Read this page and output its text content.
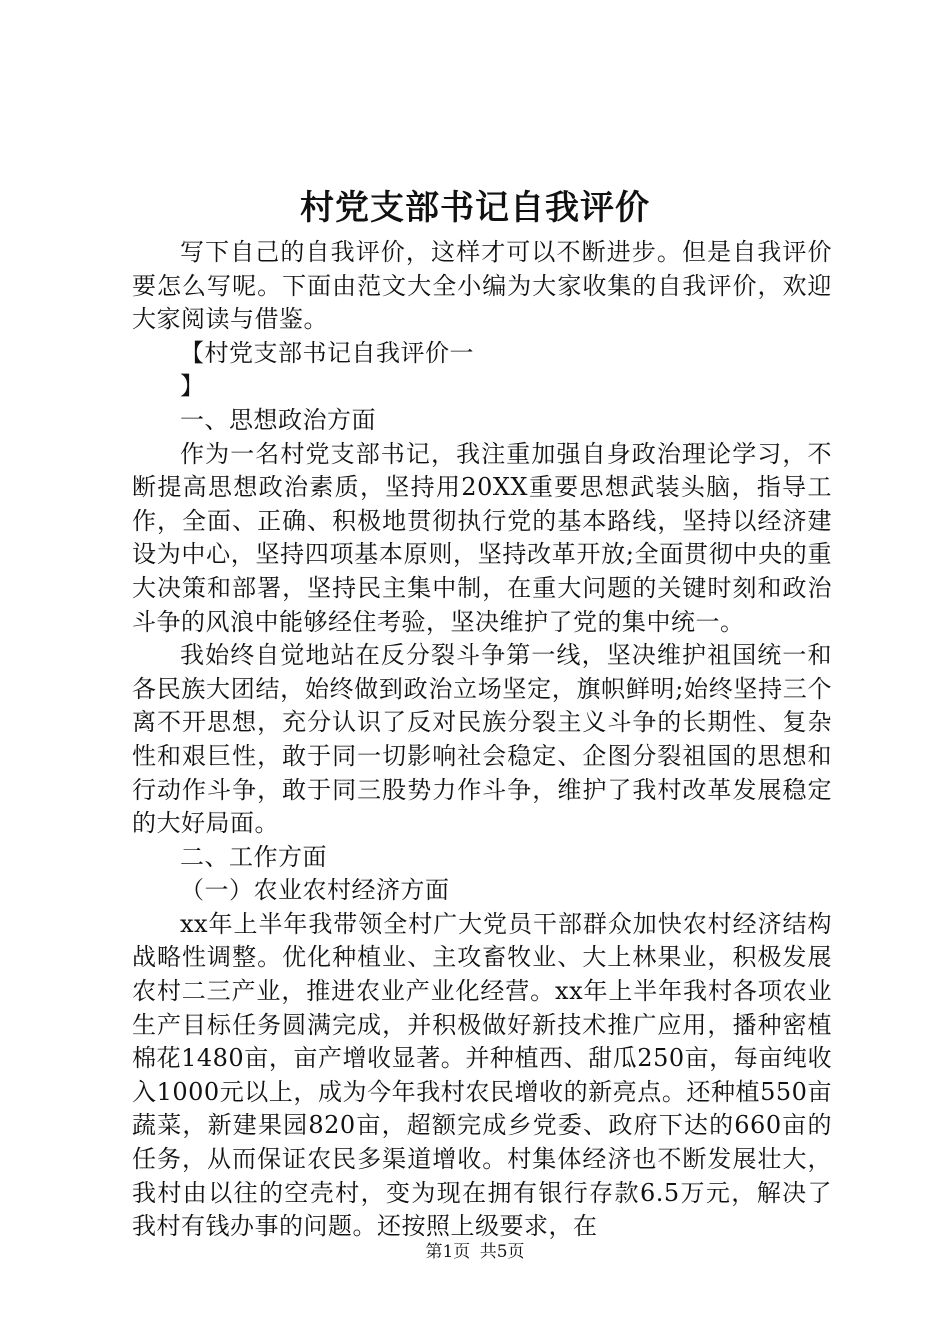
村党支部书记自我评价

写下自己的自我评价，这样才可以不断进步。但是自我评价要怎么写呢。下面由范文大全小编为大家收集的自我评价，欢迎大家阅读与借鉴。

【村党支部书记自我评价一

】

一、思想政治方面

作为一名村党支部书记，我注重加强自身政治理论学习，不断提高思想政治素质，坚持用20XX重要思想武装头脑，指导工作，全面、正确、积极地贯彻执行党的基本路线，坚持以经济建设为中心，坚持四项基本原则，坚持改革开放;全面贯彻中央的重大决策和部署，坚持民主集中制，在重大问题的关键时刻和政治斗争的风浪中能够经住考验，坚决维护了党的集中统一。

我始终自觉地站在反分裂斗争第一线，坚决维护祖国统一和各民族大团结，始终做到政治立场坚定，旗帜鲜明;始终坚持三个离不开思想，充分认识了反对民族分裂主义斗争的长期性、复杂性和艰巨性，敢于同一切影响社会稳定、企图分裂祖国的思想和行动作斗争，敢于同三股势力作斗争，维护了我村改革发展稳定的大好局面。

二、工作方面

（一）农业农村经济方面

xx年上半年我带领全村广大党员干部群众加快农村经济结构战略性调整。优化种植业、主攻畜牧业、大上林果业，积极发展农村二三产业，推进农业产业化经营。xx年上半年我村各项农业生产目标任务圆满完成，并积极做好新技术推广应用，播种密植棉花1480亩，亩产增收显著。并种植西、甜瓜250亩，每亩纯收入1000元以上，成为今年我村农民增收的新亮点。还种植550亩蔬菜，新建果园820亩，超额完成乡党委、政府下达的660亩的任务，从而保证农民多渠道增收。村集体经济也不断发展壮大，我村由以往的空壳村，变为现在拥有银行存款6.5万元，解决了我村有钱办事的问题。还按照上级要求，在

第1页 共5页
